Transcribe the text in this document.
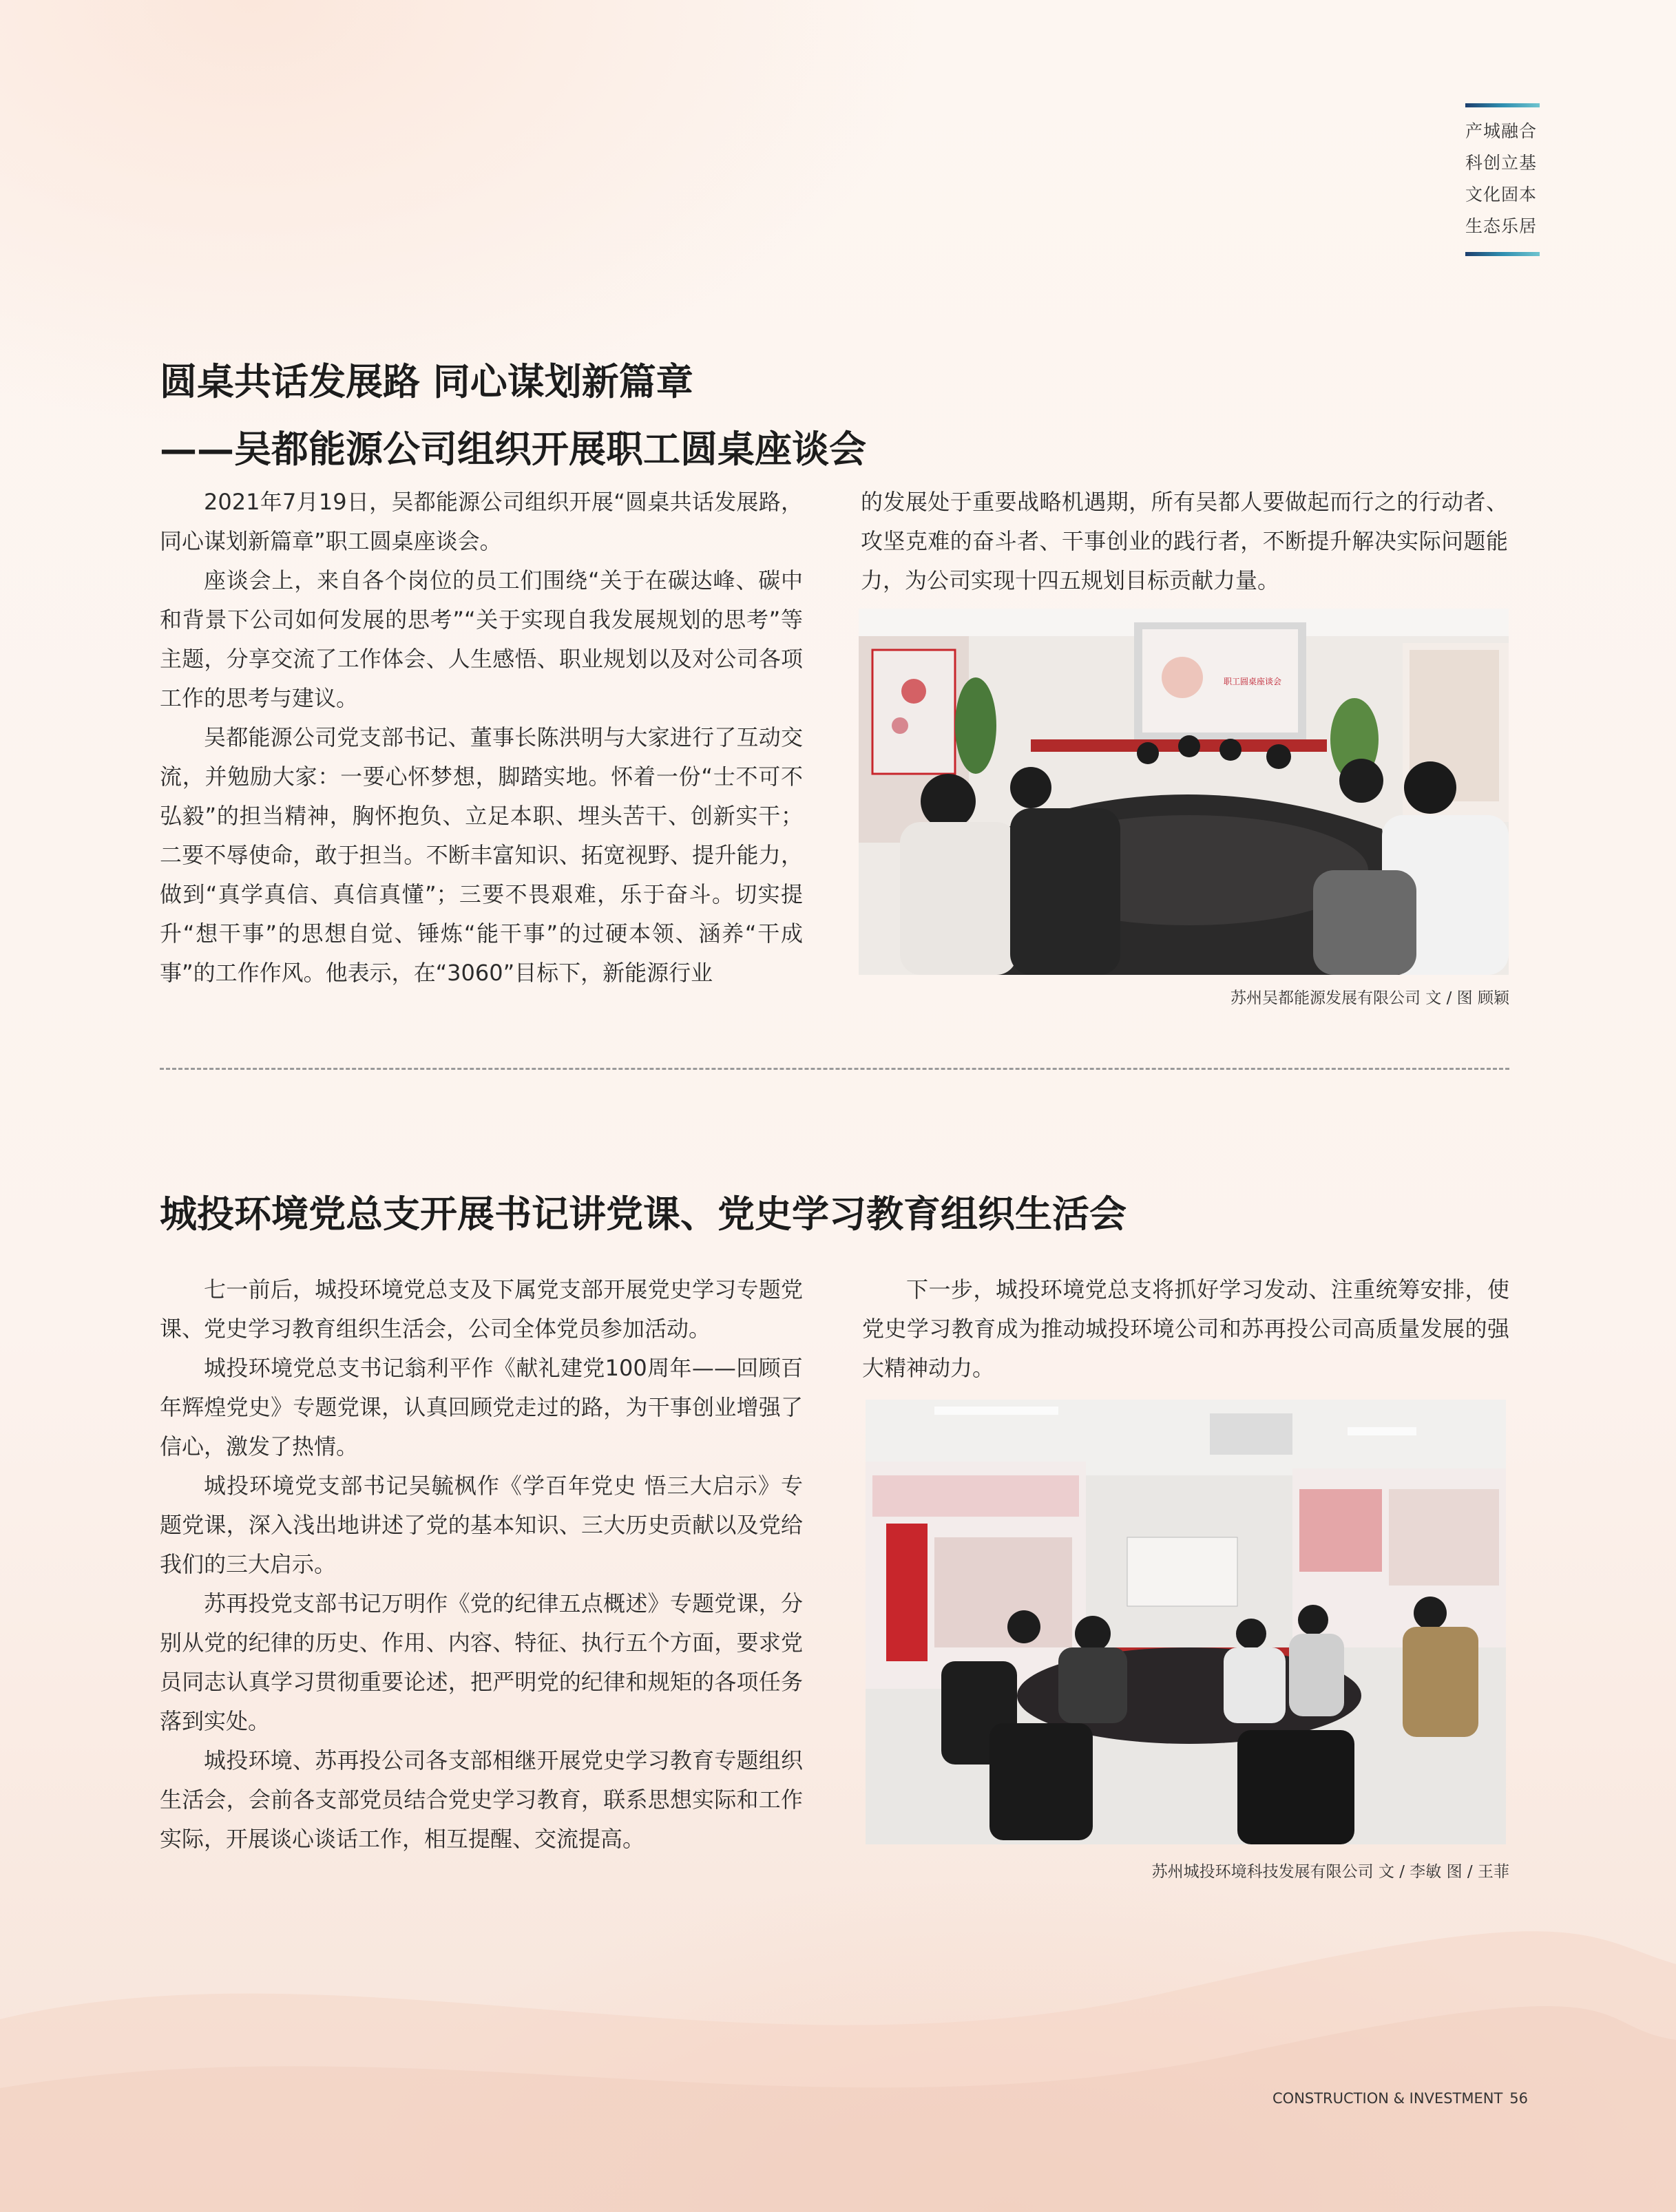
产城融合
科创立基
文化固本
生态乐居
圆桌共话发展路 同心谋划新篇章
——吴都能源公司组织开展职工圆桌座谈会

2021年7月19日，吴都能源公司组织开展“圆桌共话发展路，同心谋划新篇章”职工圆桌座谈会。

座谈会上，来自各个岗位的员工们围绕“关于在碳达峰、碳中和背景下公司如何发展的思考”“关于实现自我发展规划的思考”等主题，分享交流了工作体会、人生感悟、职业规划以及对公司各项工作的思考与建议。

吴都能源公司党支部书记、董事长陈洪明与大家进行了互动交流，并勉励大家：一要心怀梦想，脚踏实地。怀着一份“士不可不弘毅”的担当精神，胸怀抱负、立足本职、埋头苦干、创新实干；二要不辱使命，敢于担当。不断丰富知识、拓宽视野、提升能力，做到“真学真信、真信真懂”；三要不畏艰难，乐于奋斗。切实提升“想干事”的思想自觉、锤炼“能干事”的过硬本领、涵养“干成事”的工作作风。他表示，在“3060”目标下，新能源行业

的发展处于重要战略机遇期，所有吴都人要做起而行之的行动者、攻坚克难的奋斗者、干事创业的践行者，不断提升解决实际问题能力，为公司实现十四五规划目标贡献力量。

职工圆桌座谈会
苏州吴都能源发展有限公司 文 / 图 顾颖
城投环境党总支开展书记讲党课、党史学习教育组织生活会

七一前后，城投环境党总支及下属党支部开展党史学习专题党课、党史学习教育组织生活会，公司全体党员参加活动。

城投环境党总支书记翁利平作《献礼建党100周年——回顾百年辉煌党史》专题党课，认真回顾党走过的路，为干事创业增强了信心，激发了热情。

城投环境党支部书记吴毓枫作《学百年党史 悟三大启示》专题党课，深入浅出地讲述了党的基本知识、三大历史贡献以及党给我们的三大启示。

苏再投党支部书记万明作《党的纪律五点概述》专题党课，分别从党的纪律的历史、作用、内容、特征、执行五个方面，要求党员同志认真学习贯彻重要论述，把严明党的纪律和规矩的各项任务落到实处。

城投环境、苏再投公司各支部相继开展党史学习教育专题组织生活会，会前各支部党员结合党史学习教育，联系思想实际和工作实际，开展谈心谈话工作，相互提醒、交流提高。

下一步，城投环境党总支将抓好学习发动、注重统筹安排，使党史学习教育成为推动城投环境公司和苏再投公司高质量发展的强大精神动力。

苏州城投环境科技发展有限公司 文 / 李敏 图 / 王菲
CONSTRUCTION & INVESTMENT 56
